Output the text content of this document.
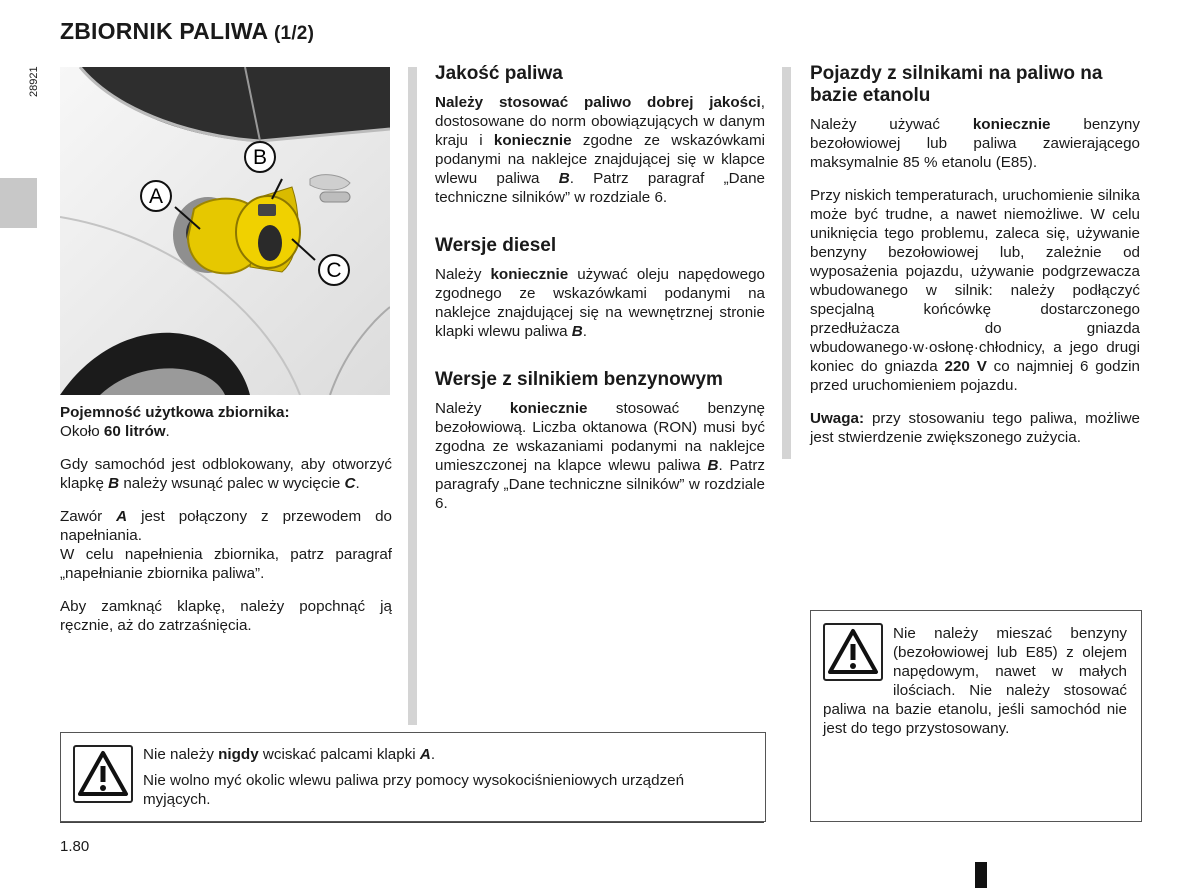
ZBIORNIK PALIWA (1/2)
28921
A
B
C

Pojemność użytkowa zbiornika:
Około 60 litrów.

Gdy samochód jest odblokowany, aby otworzyć klapkę B należy wsunąć palec w wycięcie C.

Zawór A jest połączony z przewodem do napełniania.
W celu napełnienia zbiornika, patrz paragraf „napełnianie zbiornika paliwa”.

Aby zamknąć klapkę, należy popchnąć ją ręcznie, aż do zatrzaśnięcia.

Jakość paliwa

Należy stosować paliwo dobrej jakości, dostosowane do norm obowiązujących w danym kraju i koniecznie zgodne ze wskazówkami podanymi na naklejce znajdującej się w klapce wlewu paliwa B. Patrz paragraf „Dane techniczne silników” w rozdziale 6.

Wersje diesel

Należy koniecznie używać oleju napędowego zgodnego ze wskazówkami podanymi na naklejce znajdującej się na wewnętrznej stronie klapki wlewu paliwa B.

Wersje z silnikiem benzynowym

Należy koniecznie stosować benzynę bezołowiową. Liczba oktanowa (RON) musi być zgodna ze wskazaniami podanymi na naklejce umieszczonej na klapce wlewu paliwa B. Patrz paragrafy „Dane techniczne silników” w rozdziale 6.

Pojazdy z silnikami na paliwo na bazie etanolu

Należy używać koniecznie benzyny bezołowiowej lub paliwa zawierającego maksymalnie 85 % etanolu (E85).

Przy niskich temperaturach, uruchomienie silnika może być trudne, a nawet niemożliwe. W celu uniknięcia tego problemu, zaleca się, używanie benzyny bezołowiowej lub, zależnie od wyposażenia pojazdu, używanie podgrzewacza wbudowanego w silnik: należy podłączyć specjalną końcówkę dostarczonego przedłużacza do gniazda wbudowanego·w·osłonę·chłodnicy, a jego drugi koniec do gniazda 220 V co najmniej 6 godzin przed uruchomieniem pojazdu.

Uwaga: przy stosowaniu tego paliwa, możliwe jest stwierdzenie zwiększonego zużycia.

Nie należy mieszać benzyny (bezołowiowej lub E85) z olejem napędowym, nawet w małych ilościach. Nie należy stosować paliwa na bazie etanolu, jeśli samochód nie jest do tego przystosowany.

Nie należy nigdy wciskać palcami klapki A.

Nie wolno myć okolic wlewu paliwa przy pomocy wysokociśnieniowych urządzeń myjących.

1.80
